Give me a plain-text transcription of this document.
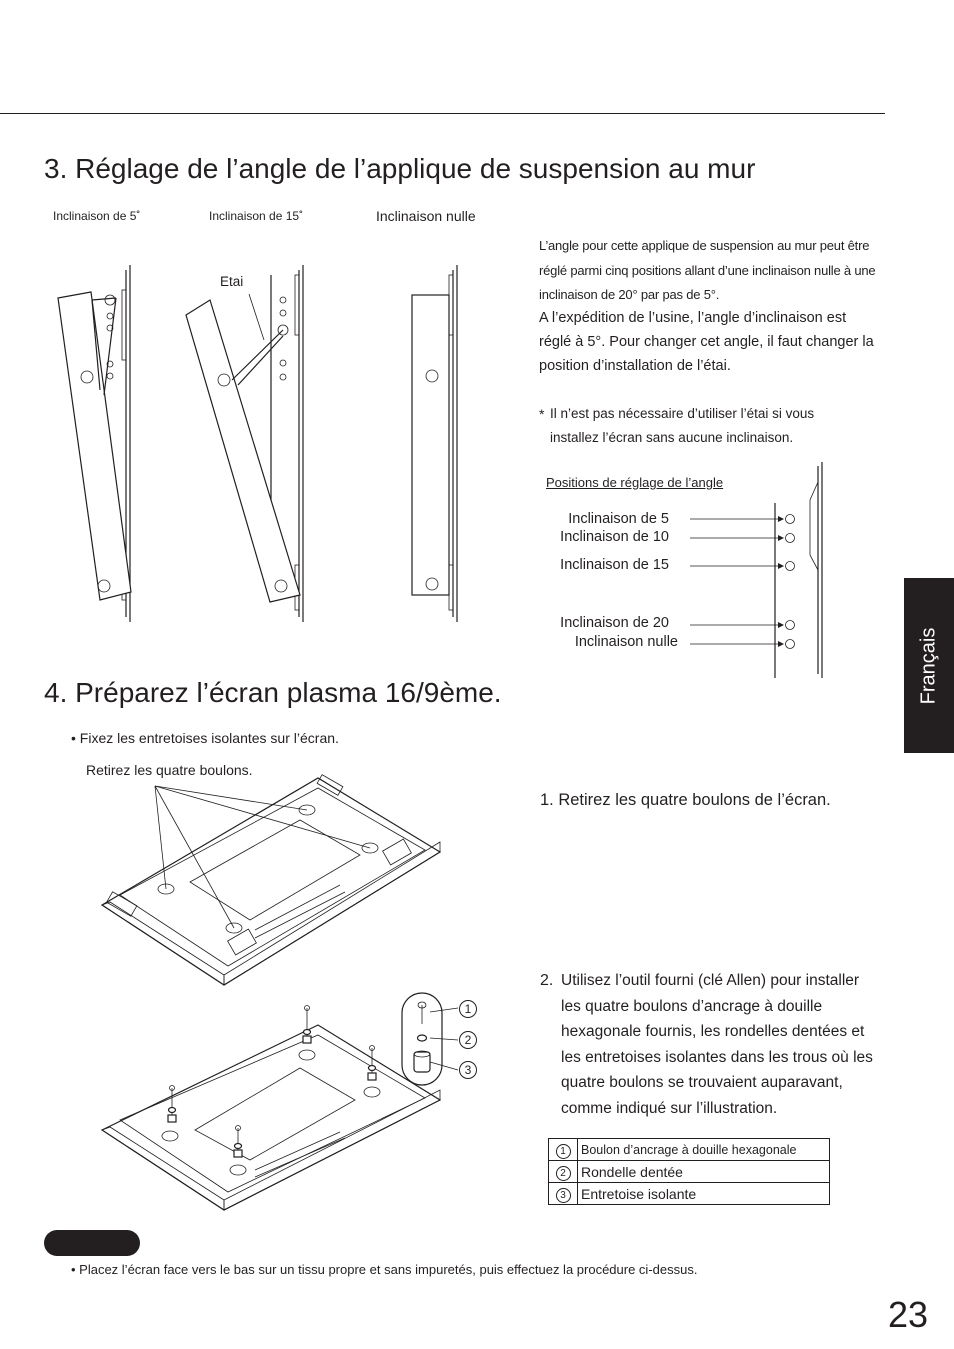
3. Réglage de l’angle de l’applique de suspension au mur
Inclinaison de 5˚	Inclinaison de 15˚	Inclinaison nulle
Etai
L’angle pour cette applique de suspension au mur peut être réglé parmi cinq positions allant d’une inclinaison nulle à une inclinaison de 20° par pas de 5°.
A l’expédition de l’usine, l’angle d’inclinaison est réglé à 5°. Pour changer cet angle, il faut changer la position d’installation de l’étai.
* Il n’est pas nécessaire d’utiliser l’étai si vous installez l’écran sans aucune inclinaison.
Positions de réglage de l’angle
Inclinaison de 5
Inclinaison de 10
Inclinaison de 15
Inclinaison de 20
Inclinaison nulle	Français
4. Préparez l’écran plasma 16/9ème.
• Fixez les entretoises isolantes sur l’écran.
Retirez les quatre boulons.
1. Retirez les quatre boulons de l’écran.
2. Utilisez l’outil fourni (clé Allen) pour installer les quatre boulons d’ancrage à douille hexagonale fournis, les rondelles dentées et les entretoises isolantes dans les trous où les quatre boulons se trouvaient auparavant, comme indiqué sur l’illustration.
1
2
3
1	Boulon d’ancrage à douille hexagonale
2	Rondelle dentée
3	Entretoise isolante
• Placez l’écran face vers le bas sur un tissu propre et sans impuretés, puis effectuez la procédure ci-dessus.
23
